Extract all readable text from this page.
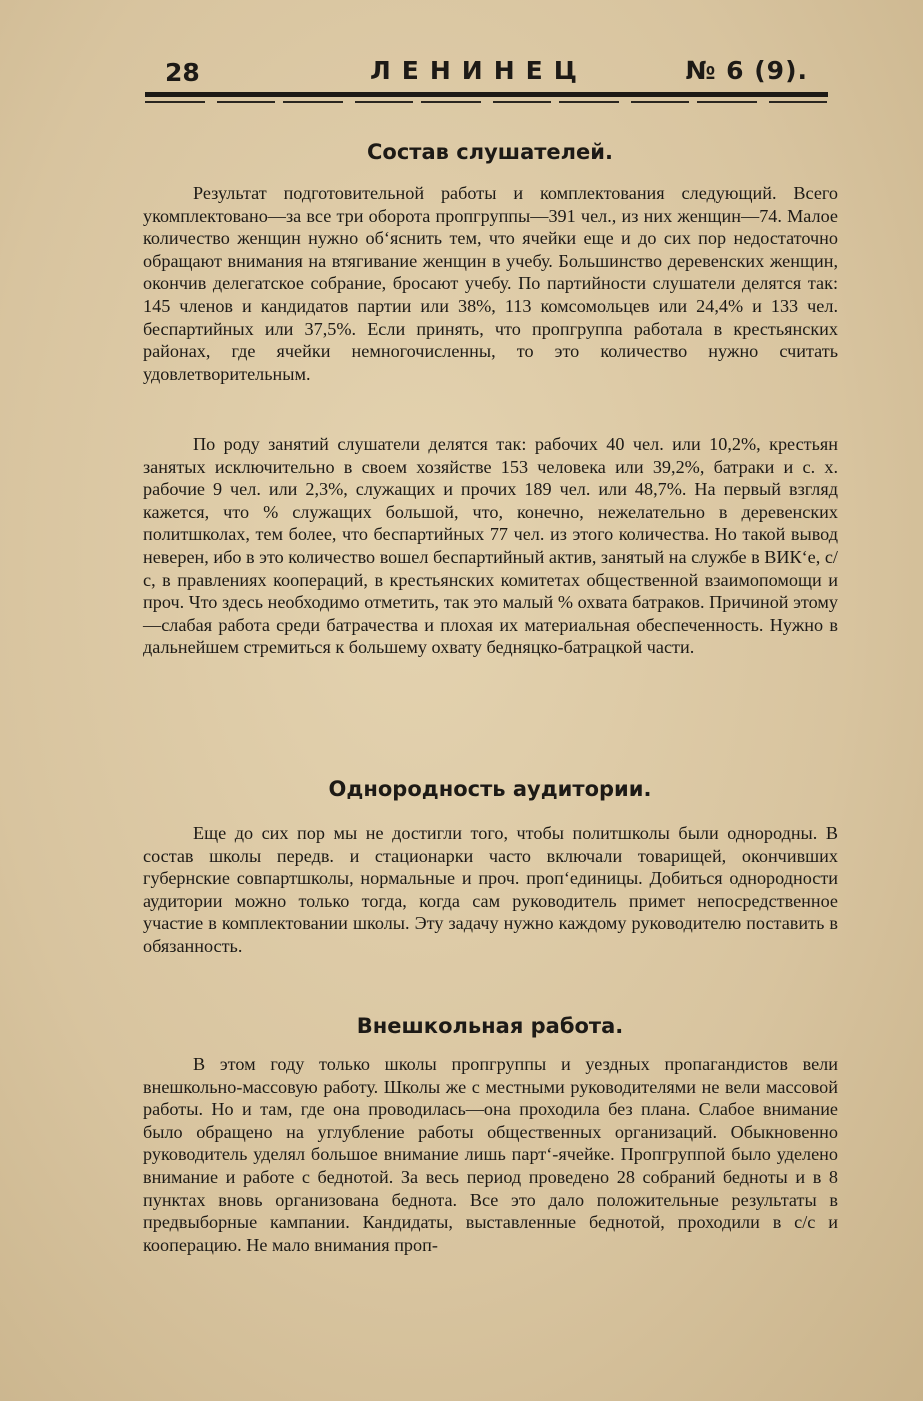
28	ЛЕНИНЕЦ	№ 6 (9).
Состав слушателей.

Результат подготовительной работы и комплектования следующий. Всего укомплектовано—за все три оборота пропгруппы—391 чел., из них женщин—74. Малое количество женщин нужно об‘яснить тем, что ячейки еще и до сих пор недостаточно обращают внимания на втягивание женщин в учебу. Большинство деревенских женщин, окончив делегатское собрание, бросают учебу. По партийности слушатели делятся так: 145 членов и кандидатов партии или 38%, 113 комсомольцев или 24,4% и 133 чел. беспартийных или 37,5%. Если принять, что пропгруппа работала в крестьянских районах, где ячейки немногочисленны, то это количество нужно считать удовлетворительным.

По роду занятий слушатели делятся так: рабочих 40 чел. или 10,2%, крестьян занятых исключительно в своем хозяйстве 153 человека или 39,2%, батраки и с. х. рабочие 9 чел. или 2,3%, служащих и прочих 189 чел. или 48,7%. На первый взгляд кажется, что % служащих большой, что, конечно, нежелательно в деревенских политшколах, тем более, что беспартийных 77 чел. из этого количества. Но такой вывод неверен, ибо в это количество вошел беспартийный актив, занятый на службе в ВИК‘е, с/с, в правлениях коопераций, в крестьянских комитетах общественной взаимопомощи и проч. Что здесь необходимо отметить, так это малый % охвата батраков. Причиной этому—слабая работа среди батрачества и плохая их материальная обеспеченность. Нужно в дальнейшем стремиться к большему охвату бедняцко-батрацкой части.

Однородность аудитории.

Еще до сих пор мы не достигли того, чтобы политшколы были однородны. В состав школы передв. и стационарки часто включали товарищей, окончивших губернские совпартшколы, нормальные и проч. проп‘единицы. Добиться однородности аудитории можно только тогда, когда сам руководитель примет непосредственное участие в комплектовании школы. Эту задачу нужно каждому руководителю поставить в обязанность.

Внешкольная работа.

В этом году только школы пропгруппы и уездных пропагандистов вели внешкольно-массовую работу. Школы же с местными руководителями не вели массовой работы. Но и там, где она проводилась—она проходила без плана. Слабое внимание было обращено на углубление работы общественных организаций. Обыкновенно руководитель уделял большое внимание лишь парт‘-ячейке. Пропгруппой было уделено внимание и работе с беднотой. За весь период проведено 28 собраний бедноты и в 8 пунктах вновь организована беднота. Все это дало положительные результаты в предвыборные кампании. Кандидаты, выставленные беднотой, проходили в с/с и кооперацию. Не мало внимания проп-
